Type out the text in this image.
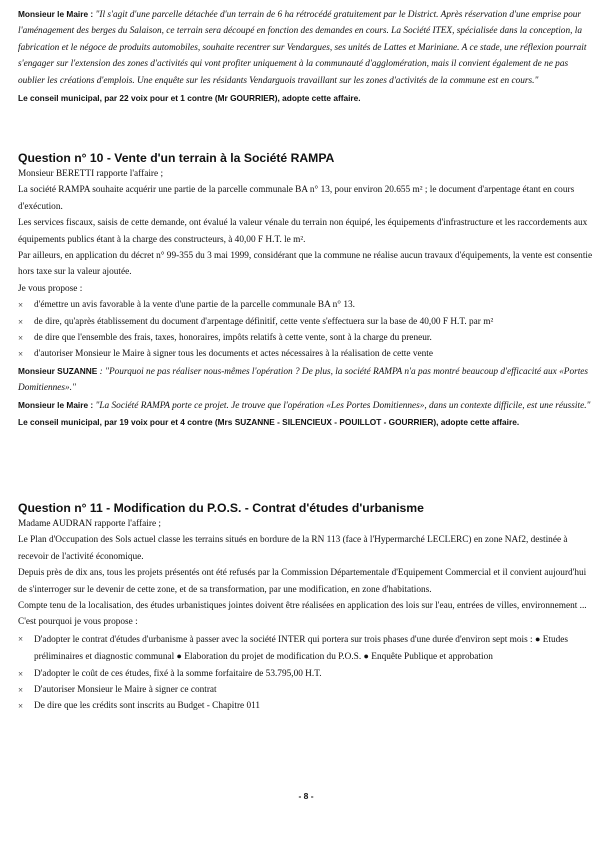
Monsieur le Maire : "Il s'agit d'une parcelle détachée d'un terrain de 6 ha rétrocédé gratuitement par le District. Après réservation d'une emprise pour l'aménagement des berges du Salaison, ce terrain sera découpé en fonction des demandes en cours. La Société ITEX, spécialisée dans la conception, la fabrication et le négoce de produits automobiles, souhaite recentrer sur Vendargues, ses unités de Lattes et Mariniane. A ce stade, une réflexion pourrait s'engager sur l'extension des zones d'activités qui vont profiter uniquement à la communauté d'agglomération, mais il convient également de ne pas oublier les créations d'emplois. Une enquête sur les résidants Vendarguois travaillant sur les zones d'activités de la commune est en cours."

Le conseil municipal, par 22 voix pour et 1 contre (Mr GOURRIER), adopte cette affaire.

Question n° 10 - Vente d'un terrain à la Société RAMPA

Monsieur BERETTI rapporte l'affaire ;

La société RAMPA souhaite acquérir une partie de la parcelle communale BA n° 13, pour environ 20.655 m² ; le document d'arpentage étant en cours d'exécution.

Les services fiscaux, saisis de cette demande, ont évalué la valeur vénale du terrain non équipé, les équipements d'infrastructure et les raccordements aux équipements publics étant à la charge des constructeurs, à 40,00 F H.T. le m².

Par ailleurs, en application du décret n° 99-355 du 3 mai 1999, considérant que la commune ne réalise aucun travaux d'équipements, la vente est consentie hors taxe sur la valeur ajoutée.

Je vous propose :

× d'émettre un avis favorable à la vente d'une partie de la parcelle communale BA n° 13.

× de dire, qu'après établissement du document d'arpentage définitif, cette vente s'effectuera sur la base de 40,00 F H.T. par m²

× de dire que l'ensemble des frais, taxes, honoraires, impôts relatifs à cette vente, sont à la charge du preneur.

× d'autoriser Monsieur le Maire à signer tous les documents et actes nécessaires à la réalisation de cette vente

Monsieur SUZANNE : "Pourquoi ne pas réaliser nous-mêmes l'opération ? De plus, la société RAMPA n'a pas montré beaucoup d'efficacité aux «Portes Domitiennes»."

Monsieur le Maire : "La Société RAMPA porte ce projet. Je trouve que l'opération «Les Portes Domitiennes», dans un contexte difficile, est une réussite."

Le conseil municipal, par 19 voix pour et 4 contre (Mrs SUZANNE - SILENCIEUX - POUILLOT - GOURRIER), adopte cette affaire.

Question n° 11 - Modification du P.O.S. - Contrat d'études d'urbanisme

Madame AUDRAN rapporte l'affaire ;

Le Plan d'Occupation des Sols actuel classe les terrains situés en bordure de la RN 113 (face à l'Hypermarché LECLERC) en zone NAf2, destinée à recevoir de l'activité économique.

Depuis près de dix ans, tous les projets présentés ont été refusés par la Commission Départementale d'Equipement Commercial et il convient aujourd'hui de s'interroger sur le devenir de cette zone, et de sa transformation, par une modification, en zone d'habitations.

Compte tenu de la localisation, des études urbanistiques jointes doivent être réalisées en application des lois sur l'eau, entrées de villes, environnement ...

C'est pourquoi je vous propose :

× D'adopter le contrat d'études d'urbanisme à passer avec la société INTER qui portera sur trois phases d'une durée d'environ sept mois : ● Etudes préliminaires et diagnostic communal ● Elaboration du projet de modification du P.O.S. ● Enquête Publique et approbation

× D'adopter le coût de ces études, fixé à la somme forfaitaire de 53.795,00 H.T.

× D'autoriser Monsieur le Maire à signer ce contrat

× De dire que les crédits sont inscrits au Budget - Chapitre 011

- 8 -
